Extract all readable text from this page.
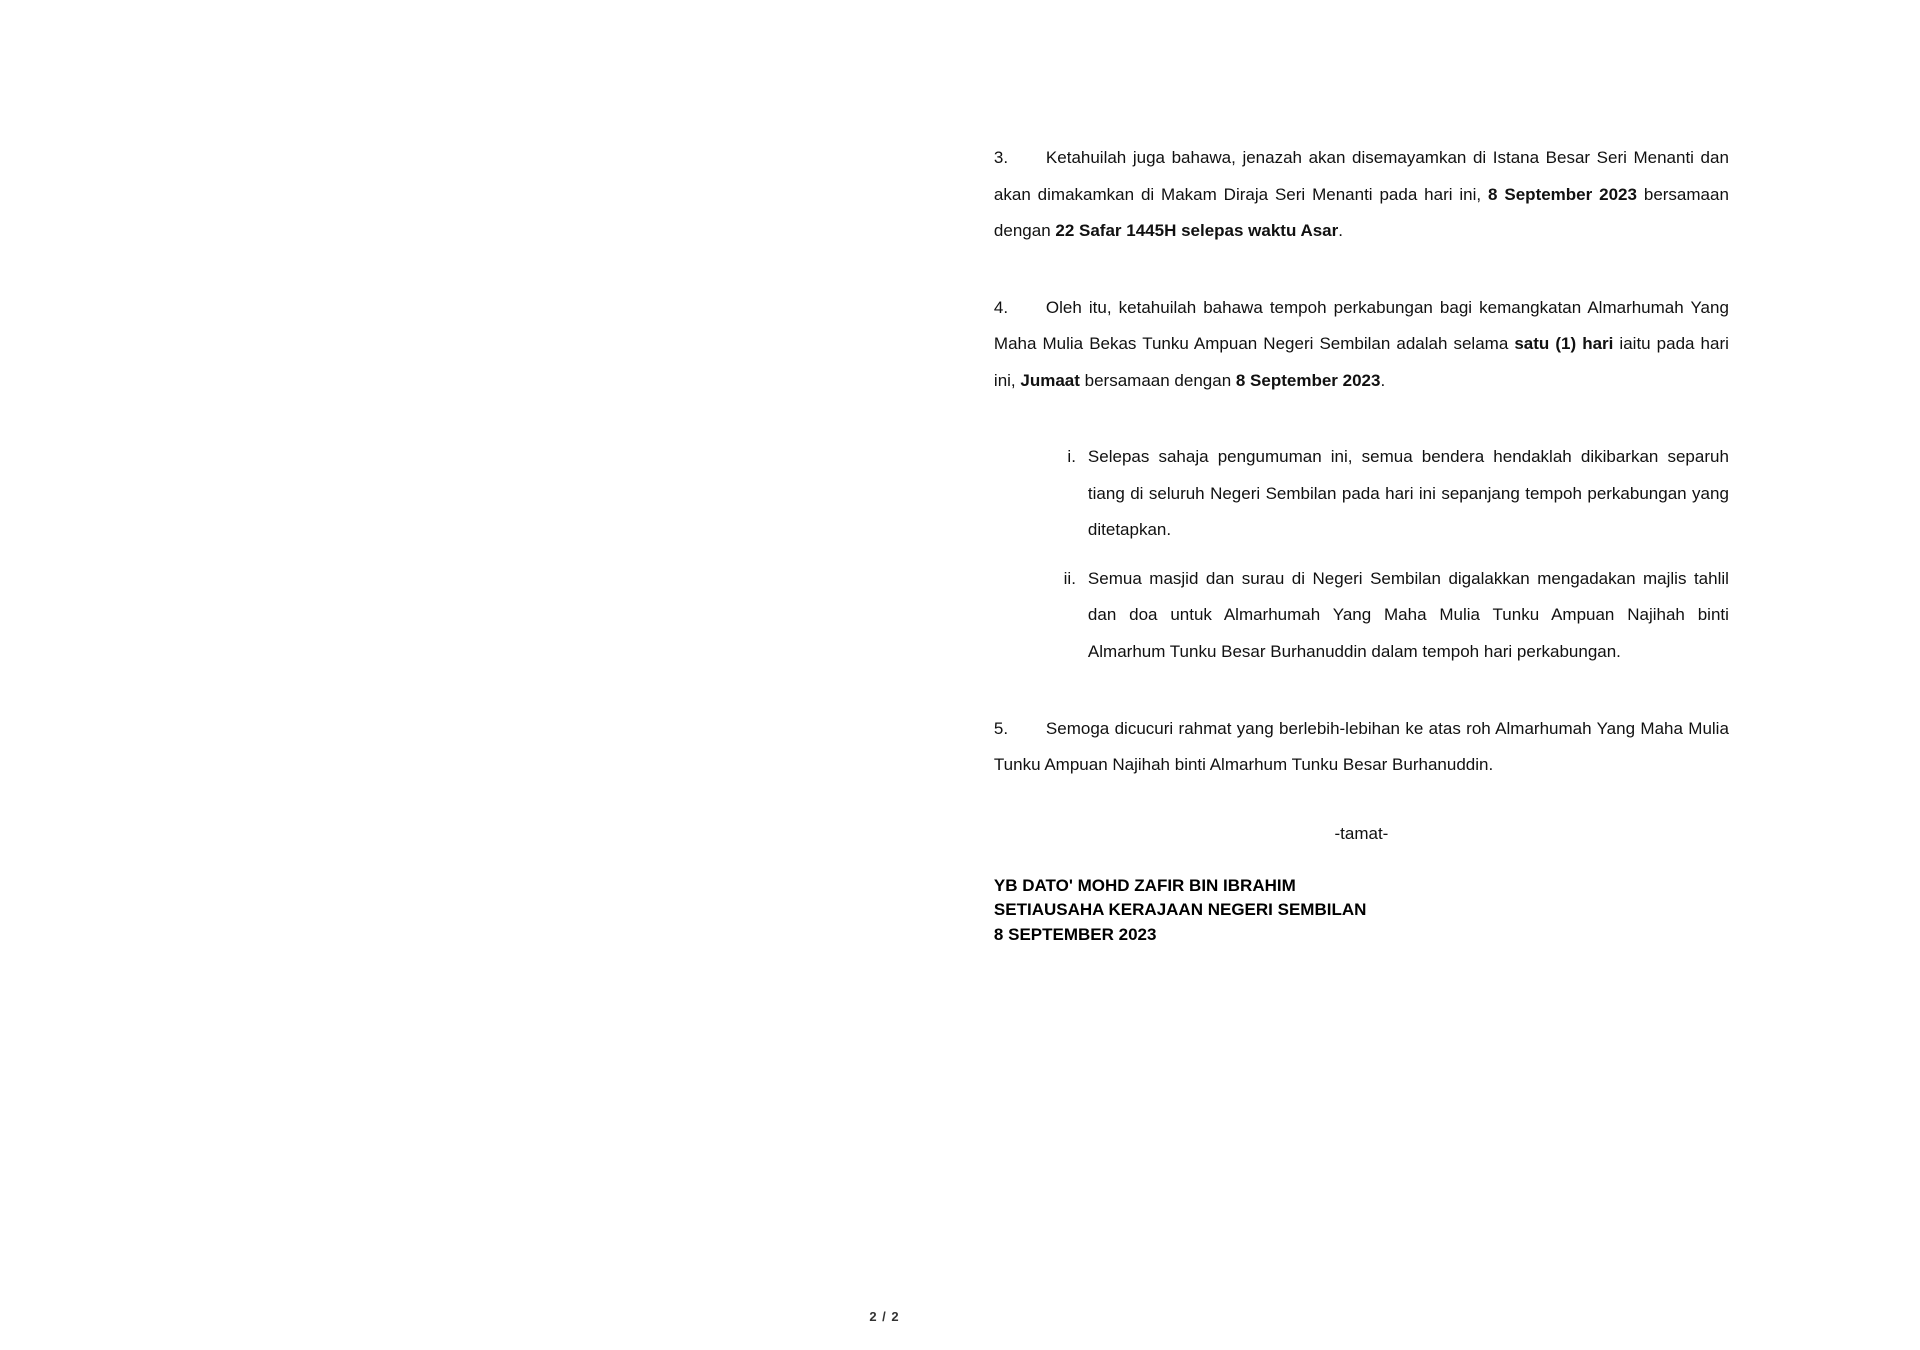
3. Ketahuilah juga bahawa, jenazah akan disemayamkan di Istana Besar Seri Menanti dan akan dimakamkan di Makam Diraja Seri Menanti pada hari ini, 8 September 2023 bersamaan dengan 22 Safar 1445H selepas waktu Asar.

4. Oleh itu, ketahuilah bahawa tempoh perkabungan bagi kemangkatan Almarhumah Yang Maha Mulia Bekas Tunku Ampuan Negeri Sembilan adalah selama satu (1) hari iaitu pada hari ini, Jumaat bersamaan dengan 8 September 2023.

i. Selepas sahaja pengumuman ini, semua bendera hendaklah dikibarkan separuh tiang di seluruh Negeri Sembilan pada hari ini sepanjang tempoh perkabungan yang ditetapkan.
ii. Semua masjid dan surau di Negeri Sembilan digalakkan mengadakan majlis tahlil dan doa untuk Almarhumah Yang Maha Mulia Tunku Ampuan Najihah binti Almarhum Tunku Besar Burhanuddin dalam tempoh hari perkabungan.

5. Semoga dicucuri rahmat yang berlebih-lebihan ke atas roh Almarhumah Yang Maha Mulia Tunku Ampuan Najihah binti Almarhum Tunku Besar Burhanuddin.

-tamat-
YB DATO' MOHD ZAFIR BIN IBRAHIM
SETIAUSAHA KERAJAAN NEGERI SEMBILAN
8 SEPTEMBER 2023
2 / 2
